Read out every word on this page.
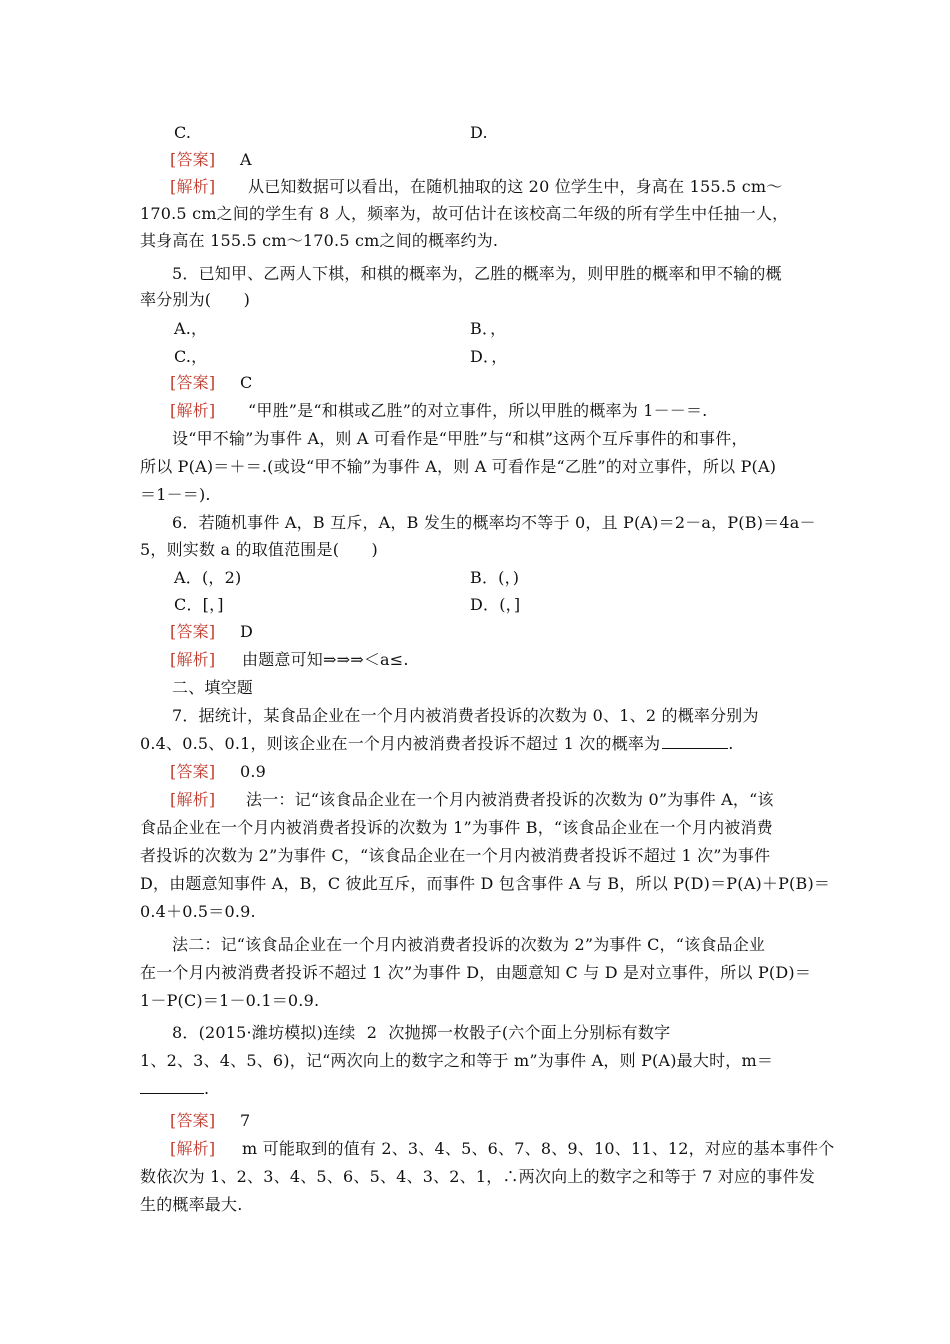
C.	D.
[答案] A
[解析] 从已知数据可以看出，在随机抽取的这 20 位学生中，身高在 155.5 cm～
170.5 cm之间的学生有 8 人，频率为，故可估计在该校高二年级的所有学生中任抽一人，
其身高在 155.5 cm～170.5 cm之间的概率约为.
5．已知甲、乙两人下棋，和棋的概率为，乙胜的概率为，则甲胜的概率和甲不输的概
率分别为(　　)
A.，	B．，
C.，	D．，
[答案] C
[解析] “甲胜”是“和棋或乙胜”的对立事件，所以甲胜的概率为 1－－＝.
设“甲不输”为事件 A，则 A 可看作是“甲胜”与“和棋”这两个互斥事件的和事件，
所以 P(A)＝＋＝.(或设“甲不输”为事件 A，则 A 可看作是“乙胜”的对立事件，所以 P(A)
＝1－＝).
6．若随机事件 A，B 互斥，A，B 发生的概率均不等于 0，且 P(A)＝2－a，P(B)＝4a－
5，则实数 a 的取值范围是(　　)
A．(，2)	B．(，)
C．[，]	D．(，]
[答案] D
[解析] 由题意可知⇒⇒⇒＜a≤.
二、填空题
7．据统计，某食品企业在一个月内被消费者投诉的次数为 0、1、2 的概率分别为
0.4、0.5、0.1，则该企业在一个月内被消费者投诉不超过 1 次的概率为	.
[答案] 0.9
[解析] 法一：记“该食品企业在一个月内被消费者投诉的次数为 0”为事件 A，“该
食品企业在一个月内被消费者投诉的次数为 1”为事件 B，“该食品企业在一个月内被消费
者投诉的次数为 2”为事件 C，“该食品企业在一个月内被消费者投诉不超过 1 次”为事件
D，由题意知事件 A，B，C 彼此互斥，而事件 D 包含事件 A 与 B，所以 P(D)＝P(A)＋P(B)＝
0.4＋0.5＝0.9.
法二：记“该食品企业在一个月内被消费者投诉的次数为 2”为事件 C，“该食品企业
在一个月内被消费者投诉不超过 1 次”为事件 D，由题意知 C 与 D 是对立事件，所以 P(D)＝
1－P(C)＝1－0.1＝0.9.
8．(2015·潍坊模拟)连续 2 次抛掷一枚骰子(六个面上分别标有数字
1、2、3、4、5、6)，记“两次向上的数字之和等于 m”为事件 A，则 P(A)最大时，m＝
.
[答案] 7
[解析] m 可能取到的值有 2、3、4、5、6、7、8、9、10、11、12，对应的基本事件个
数依次为 1、2、3、4、5、6、5、4、3、2、1，∴两次向上的数字之和等于 7 对应的事件发
生的概率最大.
